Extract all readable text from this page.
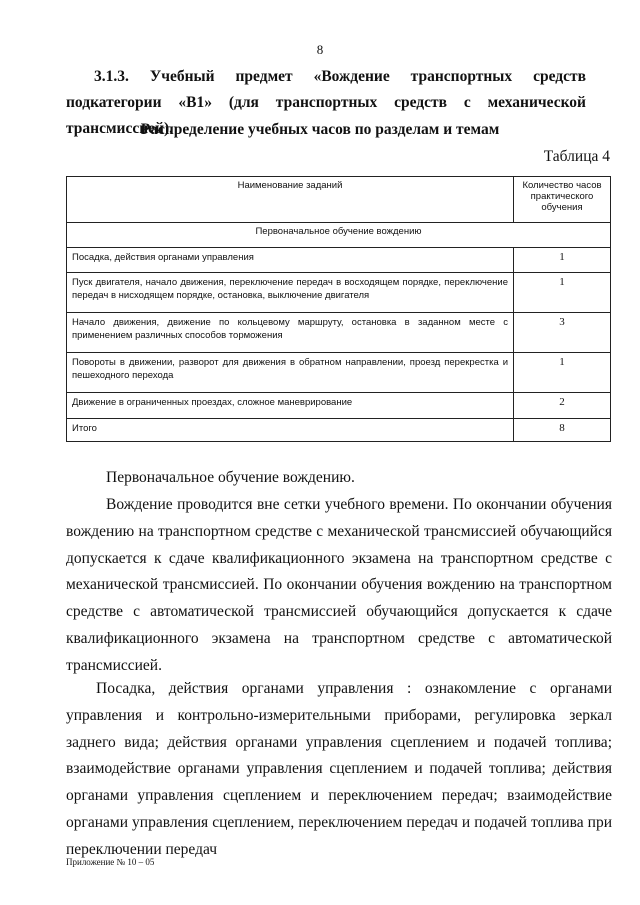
8
3.1.3. Учебный предмет «Вождение транспортных средств подкатегории «В1» (для транспортных средств с механической трансмиссией).
Распределение учебных часов по разделам и темам
Таблица 4
Наименование заданий	Количество часов практического обучения
Первоначальное обучение вождению	
Посадка, действия органами управления	1
Пуск двигателя, начало движения, переключение передач в восходящем порядке, переключение передач в нисходящем порядке, остановка, выключение двигателя	1
Начало движения, движение по кольцевому маршруту, остановка в заданном месте с применением различных способов торможения	3
Повороты в движении, разворот для движения в обратном направлении, проезд перекрестка и пешеходного перехода	1
Движение в ограниченных проездах, сложное маневрирование	2
Итого	8
Первоначальное обучение вождению.
Вождение проводится вне сетки учебного времени. По окончании обучения вождению на транспортном средстве с механической трансмиссией обучающийся допускается к сдаче квалификационного экзамена на транспортном средстве с механической трансмиссией. По окончании обучения вождению на транспортном средстве с автоматической трансмиссией обучающийся допускается к сдаче квалификационного экзамена на транспортном средстве с автоматической трансмиссией.
Посадка, действия органами управления : ознакомление с органами управления и контрольно-измерительными приборами, регулировка зеркал заднего вида; действия органами управления сцеплением и подачей топлива; взаимодействие органами управления сцеплением и подачей топлива; действия органами управления сцеплением и переключением передач; взаимодействие органами управления сцеплением, переключением передач и подачей топлива при переключении передач
Приложение № 10 – 05
